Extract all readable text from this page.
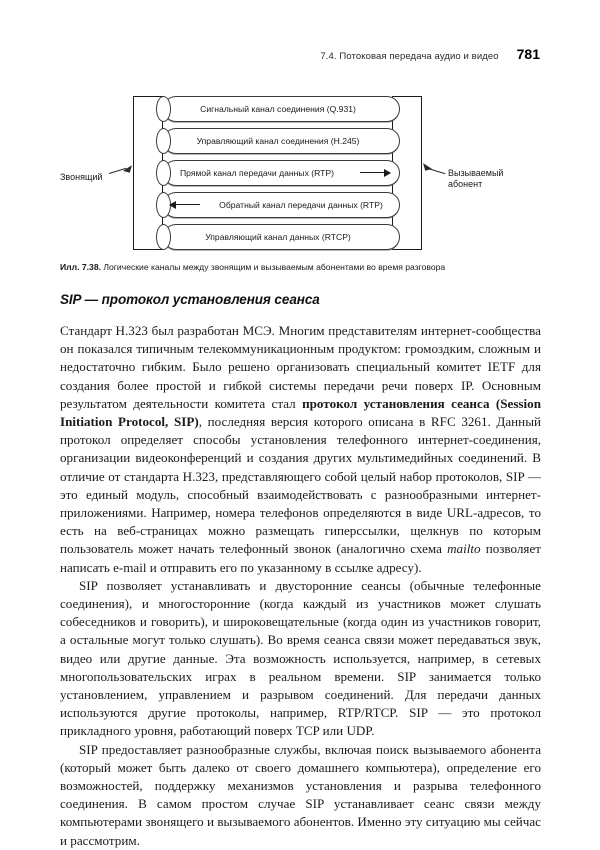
7.4. Потоковая передача аудио и видео 781
Звонящий	Вызываемый абонент
Сигнальный канал соединения (Q.931)
Управляющий канал соединения (H.245)
Прямой канал передачи данных (RTP)
Обратный канал передачи данных (RTP)
Управляющий канал данных (RTCP)
Илл. 7.38. Логические каналы между звонящим и вызываемым абонентами во время разговора
SIP — протокол установления сеанса

Стандарт H.323 был разработан МСЭ. Многим представителям интернет-сообщества он показался типичным телекоммуникационным продуктом: громоздким, сложным и недостаточно гибким. Было решено организовать специальный комитет IETF для создания более простой и гибкой системы передачи речи поверх IP. Основным результатом деятельности комитета стал протокол установления сеанса (Session Initiation Protocol, SIP), последняя версия которого описана в RFC 3261. Данный протокол определяет способы установления телефонного интернет-соединения, организации видеоконференций и создания других мультимедийных соединений. В отличие от стандарта H.323, представляющего собой целый набор протоколов, SIP — это единый модуль, способный взаимодействовать с разнообразными интернет-приложениями. Например, номера телефонов определяются в виде URL-адресов, то есть на веб-страницах можно размещать гиперссылки, щелкнув по которым пользователь может начать телефонный звонок (аналогично схема mailto позволяет написать e-mail и отправить его по указанному в ссылке адресу).

SIP позволяет устанавливать и двусторонние сеансы (обычные телефонные соединения), и многосторонние (когда каждый из участников может слушать собеседников и говорить), и широковещательные (когда один из участников говорит, а остальные могут только слушать). Во время сеанса связи может передаваться звук, видео или другие данные. Эта возможность используется, например, в сетевых многопользовательских играх в реальном времени. SIP занимается только установлением, управлением и разрывом соединений. Для передачи данных используются другие протоколы, например, RTP/RTCP. SIP — это протокол прикладного уровня, работающий поверх TCP или UDP.

SIP предоставляет разнообразные службы, включая поиск вызываемого абонента (который может быть далеко от своего домашнего компьютера), определение его возможностей, поддержку механизмов установления и разрыва телефонного соединения. В самом простом случае SIP устанавливает сеанс связи между компьютерами звонящего и вызываемого абонентов. Именно эту ситуацию мы сейчас и рассмотрим.
